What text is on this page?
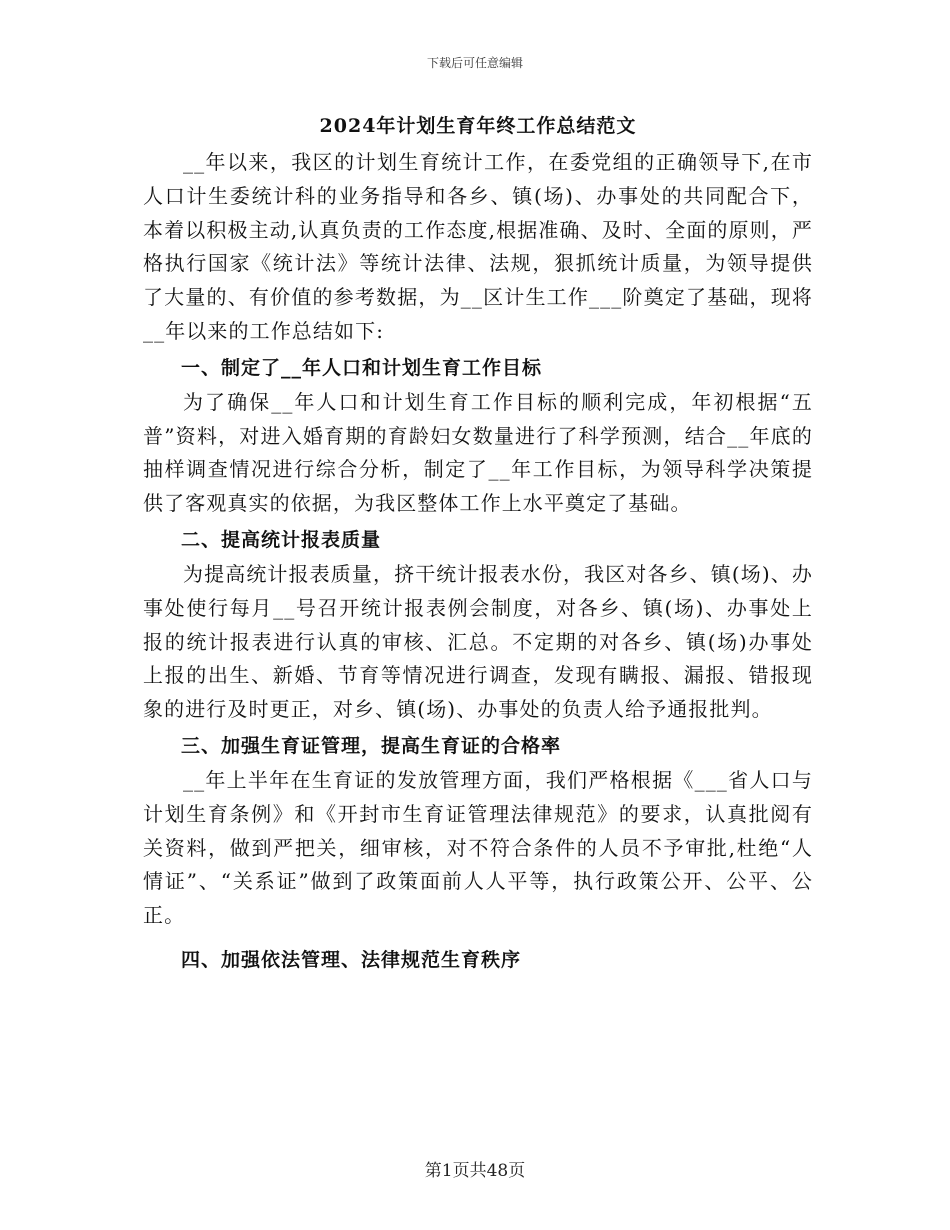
下载后可任意编辑
2024年计划生育年终工作总结范文

__年以来，我区的计划生育统计工作，在委党组的正确领导下,在市人口计生委统计科的业务指导和各乡、镇(场)、办事处的共同配合下，本着以积极主动,认真负责的工作态度,根据准确、及时、全面的原则，严格执行国家《统计法》等统计法律、法规，狠抓统计质量，为领导提供了大量的、有价值的参考数据，为__区计生工作___阶奠定了基础，现将__年以来的工作总结如下:

一、制定了__年人口和计划生育工作目标

为了确保__年人口和计划生育工作目标的顺利完成，年初根据“五普”资料，对进入婚育期的育龄妇女数量进行了科学预测，结合__年底的抽样调查情况进行综合分析，制定了__年工作目标，为领导科学决策提供了客观真实的依据，为我区整体工作上水平奠定了基础。

二、提高统计报表质量

为提高统计报表质量，挤干统计报表水份，我区对各乡、镇(场)、办事处使行每月__号召开统计报表例会制度，对各乡、镇(场)、办事处上报的统计报表进行认真的审核、汇总。不定期的对各乡、镇(场)办事处上报的出生、新婚、节育等情况进行调查，发现有瞒报、漏报、错报现象的进行及时更正，对乡、镇(场)、办事处的负责人给予通报批判。

三、加强生育证管理，提高生育证的合格率

__年上半年在生育证的发放管理方面，我们严格根据《___省人口与计划生育条例》和《开封市生育证管理法律规范》的要求，认真批阅有关资料，做到严把关，细审核，对不符合条件的人员不予审批,杜绝“人情证”、“关系证”做到了政策面前人人平等，执行政策公开、公平、公正。

四、加强依法管理、法律规范生育秩序
第1页共48页
